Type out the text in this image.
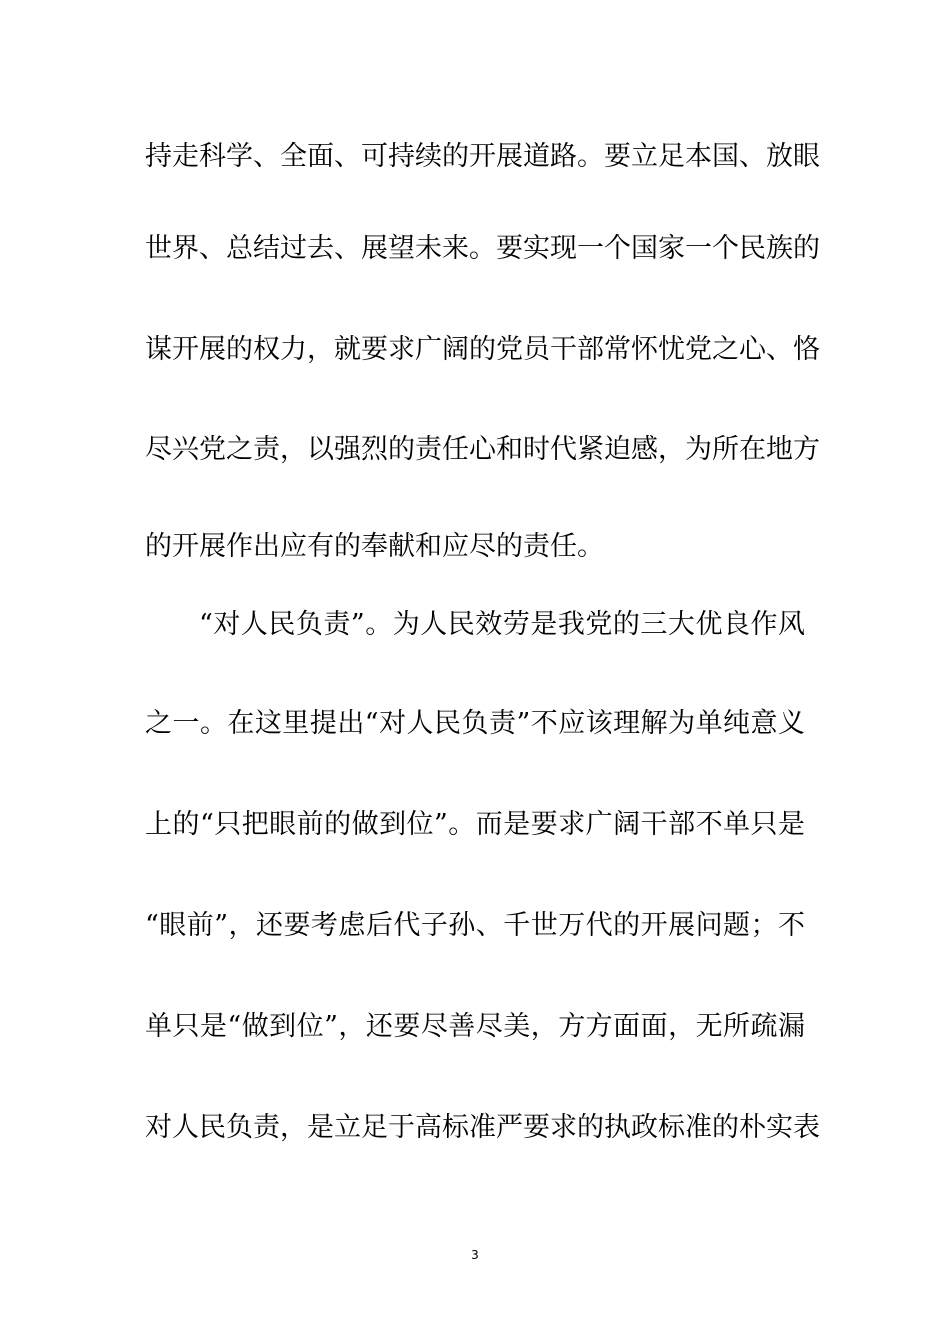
持走科学、全面、可持续的开展道路。要立足本国、放眼
世界、总结过去、展望未来。要实现一个国家一个民族的
谋开展的权力，就要求广阔的党员干部常怀忧党之心、恪
尽兴党之责，以强烈的责任心和时代紧迫感，为所在地方
的开展作出应有的奉献和应尽的责任。
“对人民负责”。为人民效劳是我党的三大优良作风
之一。在这里提出“对人民负责”不应该理解为单纯意义
上的“只把眼前的做到位”。而是要求广阔干部不单只是
“眼前”，还要考虑后代子孙、千世万代的开展问题；不
单只是“做到位”，还要尽善尽美，方方面面，无所疏漏
对人民负责，是立足于高标准严要求的执政标准的朴实表
3
